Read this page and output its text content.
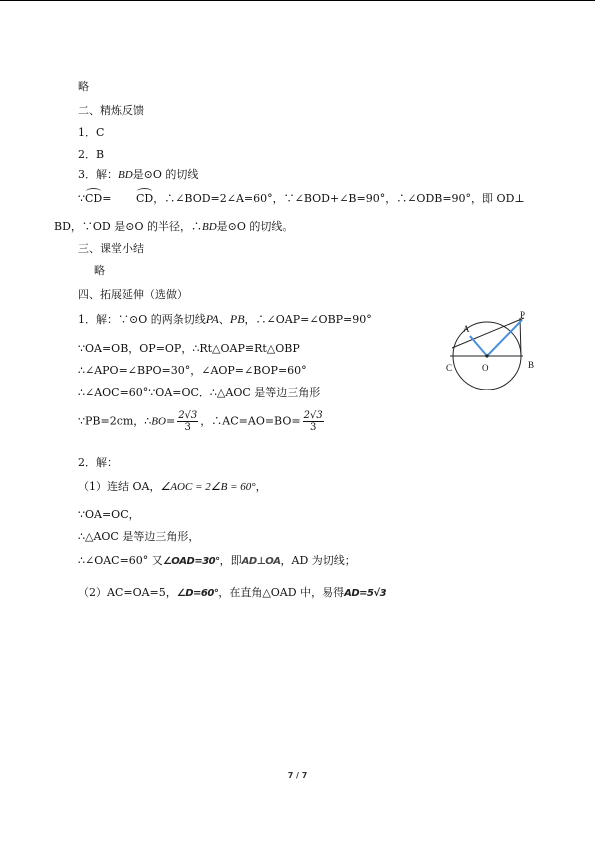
略
二、精炼反馈
1．C
2．B
3．解：BD是⊙O 的切线
∵CD= CD，∴∠BOD=2∠A=60°，∵∠BOD+∠B=90°，∴∠ODB=90°，即 OD⊥
BD，∵OD 是⊙O 的半径，∴BD是⊙O 的切线。
三、课堂小结
略
四、拓展延伸（选做）
1．解：∵⊙O 的两条切线PA、PB，∴∠OAP=∠OBP=90°
∵OA=OB，OP=OP，∴Rt△OAP≌Rt△OBP
∴∠APO=∠BPO=30°，∠AOP=∠BOP=60°
∴∠AOC=60°∵OA=OC．∴△AOC 是等边三角形
∵PB=2cm，∴BO= $\frac{2√3}{3}$ ，∴AC=AO=BO= $\frac{2√3}{3}$
2．解：
（1）连结 OA，∠AOC = 2∠B = 60°，
∵OA=OC，
∴△AOC 是等边三角形，
∴∠OAC=60° 又∠OAD=30°，即AD⊥OA，AD 为切线；
（2）AC=OA=5，∠D=60°，在直角△OAD 中，易得AD=5√3
P
A
B
C	O
7 / 7
